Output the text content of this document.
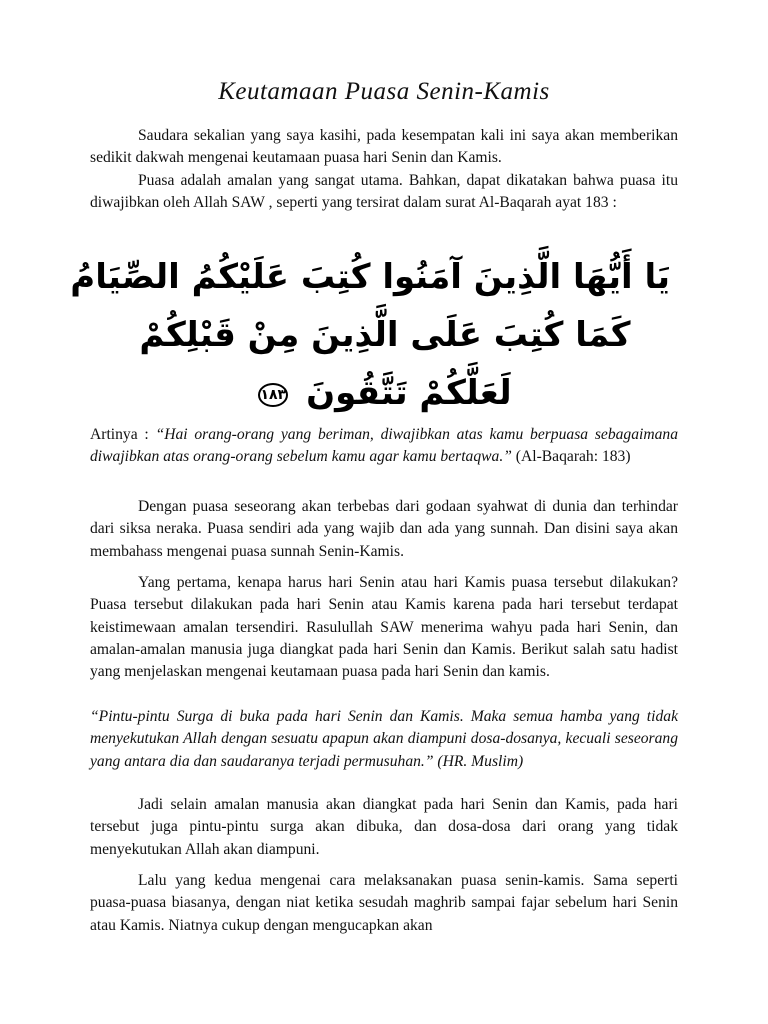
Keutamaan Puasa Senin-Kamis

Saudara sekalian yang saya kasihi, pada kesempatan kali ini saya akan memberikan sedikit dakwah mengenai keutamaan puasa hari Senin dan Kamis.

Puasa adalah amalan yang sangat utama. Bahkan, dapat dikatakan bahwa puasa itu diwajibkan oleh Allah SAW , seperti yang tersirat dalam surat Al-Baqarah ayat 183 :

يَا أَيُّهَا الَّذِينَ آمَنُوا كُتِبَ عَلَيْكُمُ الصِّيَامُ
كَمَا كُتِبَ عَلَى الَّذِينَ مِنْ قَبْلِكُمْ
لَعَلَّكُمْ تَتَّقُونَ ١٨٣

Artinya : “Hai orang-orang yang beriman, diwajibkan atas kamu berpuasa sebagaimana diwajibkan atas orang-orang sebelum kamu agar kamu bertaqwa.” (Al-Baqarah: 183)

Dengan puasa seseorang akan terbebas dari godaan syahwat di dunia dan terhindar dari siksa neraka. Puasa sendiri ada yang wajib dan ada yang sunnah. Dan disini saya akan membahass mengenai puasa sunnah Senin-Kamis.

Yang pertama, kenapa harus hari Senin atau hari Kamis puasa tersebut dilakukan? Puasa tersebut dilakukan pada hari Senin atau Kamis karena pada hari tersebut terdapat keistimewaan amalan tersendiri. Rasulullah SAW menerima wahyu pada hari Senin, dan amalan-amalan manusia juga diangkat pada hari Senin dan Kamis. Berikut salah satu hadist yang menjelaskan mengenai keutamaan puasa pada hari Senin dan kamis.

“Pintu-pintu Surga di buka pada hari Senin dan Kamis. Maka semua hamba yang tidak menyekutukan Allah dengan sesuatu apapun akan diampuni dosa-dosanya, kecuali seseorang yang antara dia dan saudaranya terjadi permusuhan.” (HR. Muslim)

Jadi selain amalan manusia akan diangkat pada hari Senin dan Kamis, pada hari tersebut juga pintu-pintu surga akan dibuka, dan dosa-dosa dari orang yang tidak menyekutukan Allah akan diampuni.

Lalu yang kedua mengenai cara melaksanakan puasa senin-kamis. Sama seperti puasa-puasa biasanya, dengan niat ketika sesudah maghrib sampai fajar sebelum hari Senin atau Kamis. Niatnya cukup dengan mengucapkan akan
